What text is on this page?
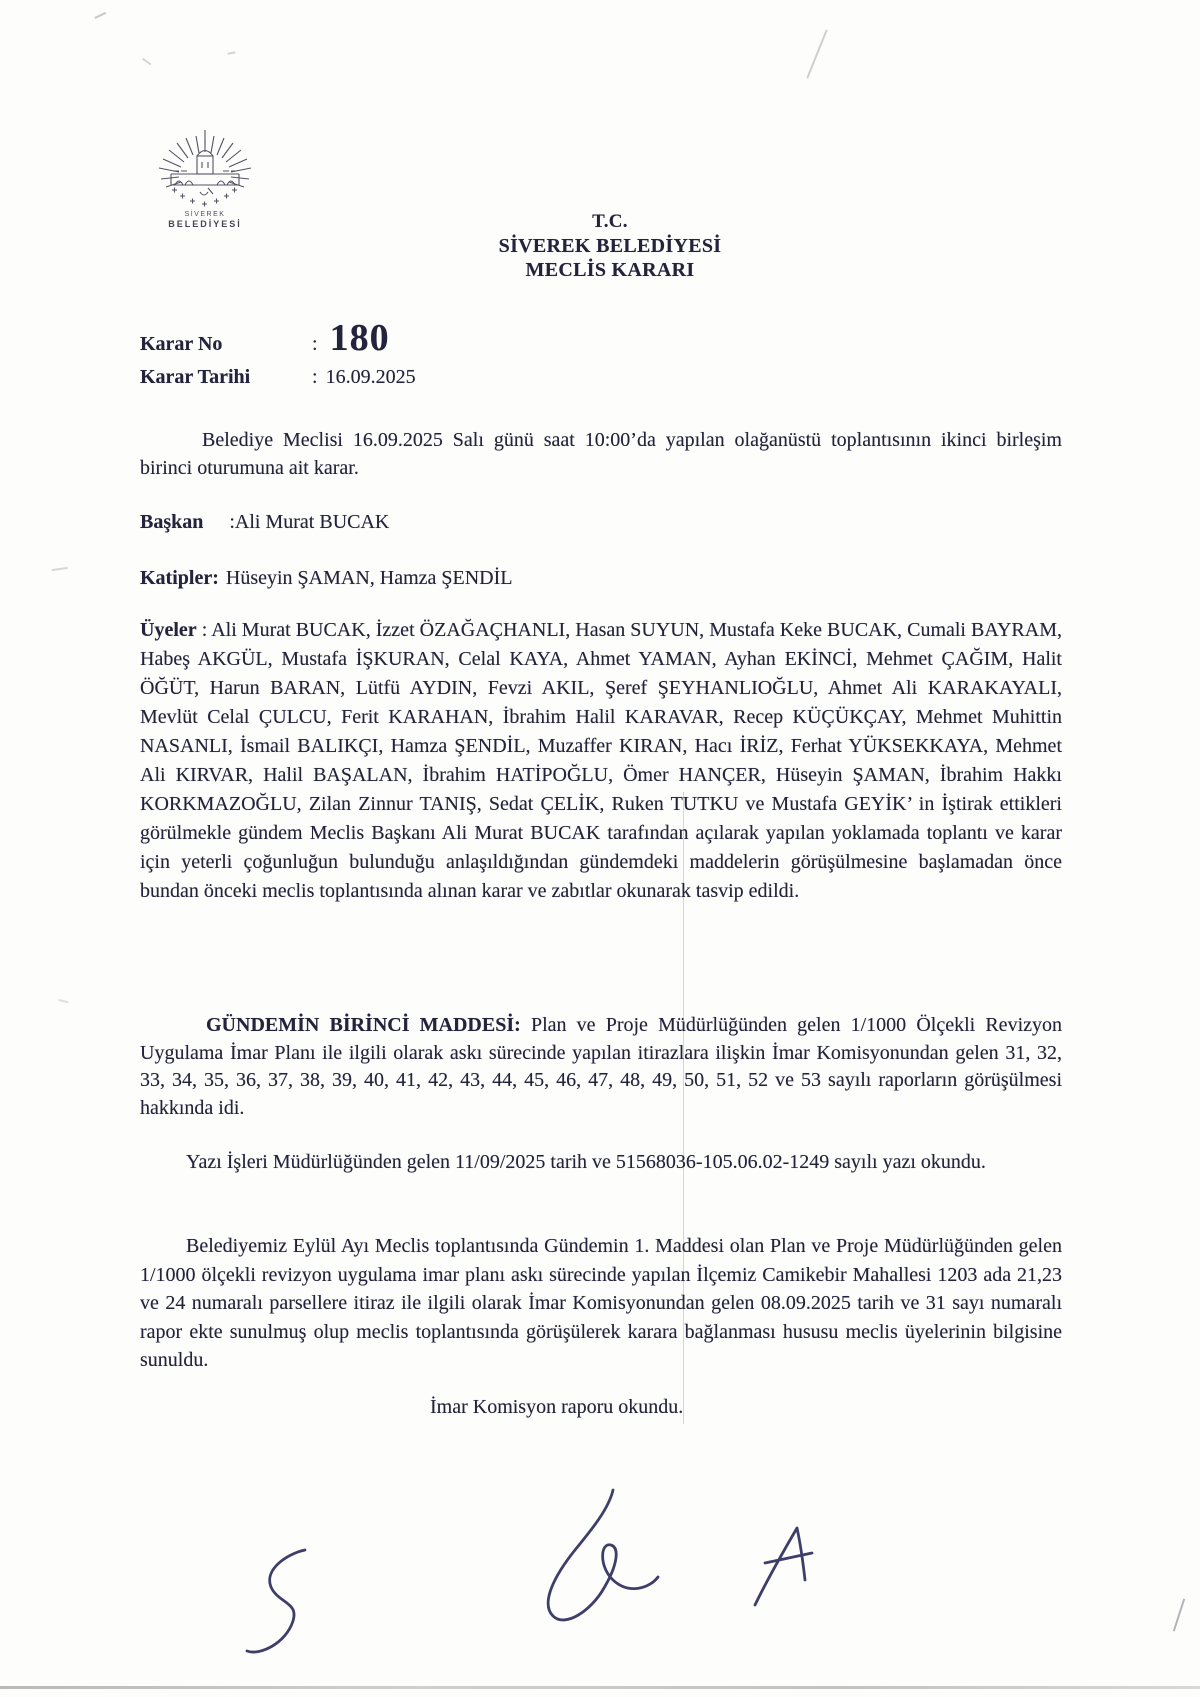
SİVEREK
BELEDİYESİ	T.C.
SİVEREK BELEDİYESİ
MECLİS KARARI
Karar No	: 180
Karar Tarihi	: 16.09.2025
Belediye Meclisi 16.09.2025 Salı günü saat 10:00’da yapılan olağanüstü toplantısının ikinci birleşim birinci oturumuna ait karar.
Başkan :Ali Murat BUCAK
Katipler: Hüseyin ŞAMAN, Hamza ŞENDİL
Üyeler : Ali Murat BUCAK, İzzet ÖZAĞAÇHANLI, Hasan SUYUN, Mustafa Keke BUCAK, Cumali BAYRAM, Habeş AKGÜL, Mustafa İŞKURAN, Celal KAYA, Ahmet YAMAN, Ayhan EKİNCİ, Mehmet ÇAĞIM, Halit ÖĞÜT, Harun BARAN, Lütfü AYDIN, Fevzi AKIL, Şeref ŞEYHANLIOĞLU, Ahmet Ali KARAKAYALI, Mevlüt Celal ÇULCU, Ferit KARAHAN, İbrahim Halil KARAVAR, Recep KÜÇÜKÇAY, Mehmet Muhittin NASANLI, İsmail BALIKÇI, Hamza ŞENDİL, Muzaffer KIRAN, Hacı İRİZ, Ferhat YÜKSEKKAYA, Mehmet Ali KIRVAR, Halil BAŞALAN, İbrahim HATİPOĞLU, Ömer HANÇER, Hüseyin ŞAMAN, İbrahim Hakkı KORKMAZOĞLU, Zilan Zinnur TANIŞ, Sedat ÇELİK, Ruken TUTKU ve Mustafa GEYİK’ in İştirak ettikleri görülmekle gündem Meclis Başkanı Ali Murat BUCAK tarafından açılarak yapılan yoklamada toplantı ve karar için yeterli çoğunluğun bulunduğu anlaşıldığından gündemdeki maddelerin görüşülmesine başlamadan önce bundan önceki meclis toplantısında alınan karar ve zabıtlar okunarak tasvip edildi.
GÜNDEMİN BİRİNCİ MADDESİ: Plan ve Proje Müdürlüğünden gelen 1/1000 Ölçekli Revizyon Uygulama İmar Planı ile ilgili olarak askı sürecinde yapılan itirazlara ilişkin İmar Komisyonundan gelen 31, 32, 33, 34, 35, 36, 37, 38, 39, 40, 41, 42, 43, 44, 45, 46, 47, 48, 49, 50, 51, 52 ve 53 sayılı raporların görüşülmesi hakkında idi.
Yazı İşleri Müdürlüğünden gelen 11/09/2025 tarih ve 51568036-105.06.02-1249 sayılı yazı okundu.
Belediyemiz Eylül Ayı Meclis toplantısında Gündemin 1. Maddesi olan Plan ve Proje Müdürlüğünden gelen 1/1000 ölçekli revizyon uygulama imar planı askı sürecinde yapılan İlçemiz Camikebir Mahallesi 1203 ada 21,23 ve 24 numaralı parsellere itiraz ile ilgili olarak İmar Komisyonundan gelen 08.09.2025 tarih ve 31 sayı numaralı rapor ekte sunulmuş olup meclis toplantısında görüşülerek karara bağlanması hususu meclis üyelerinin bilgisine sunuldu.
İmar Komisyon raporu okundu.
